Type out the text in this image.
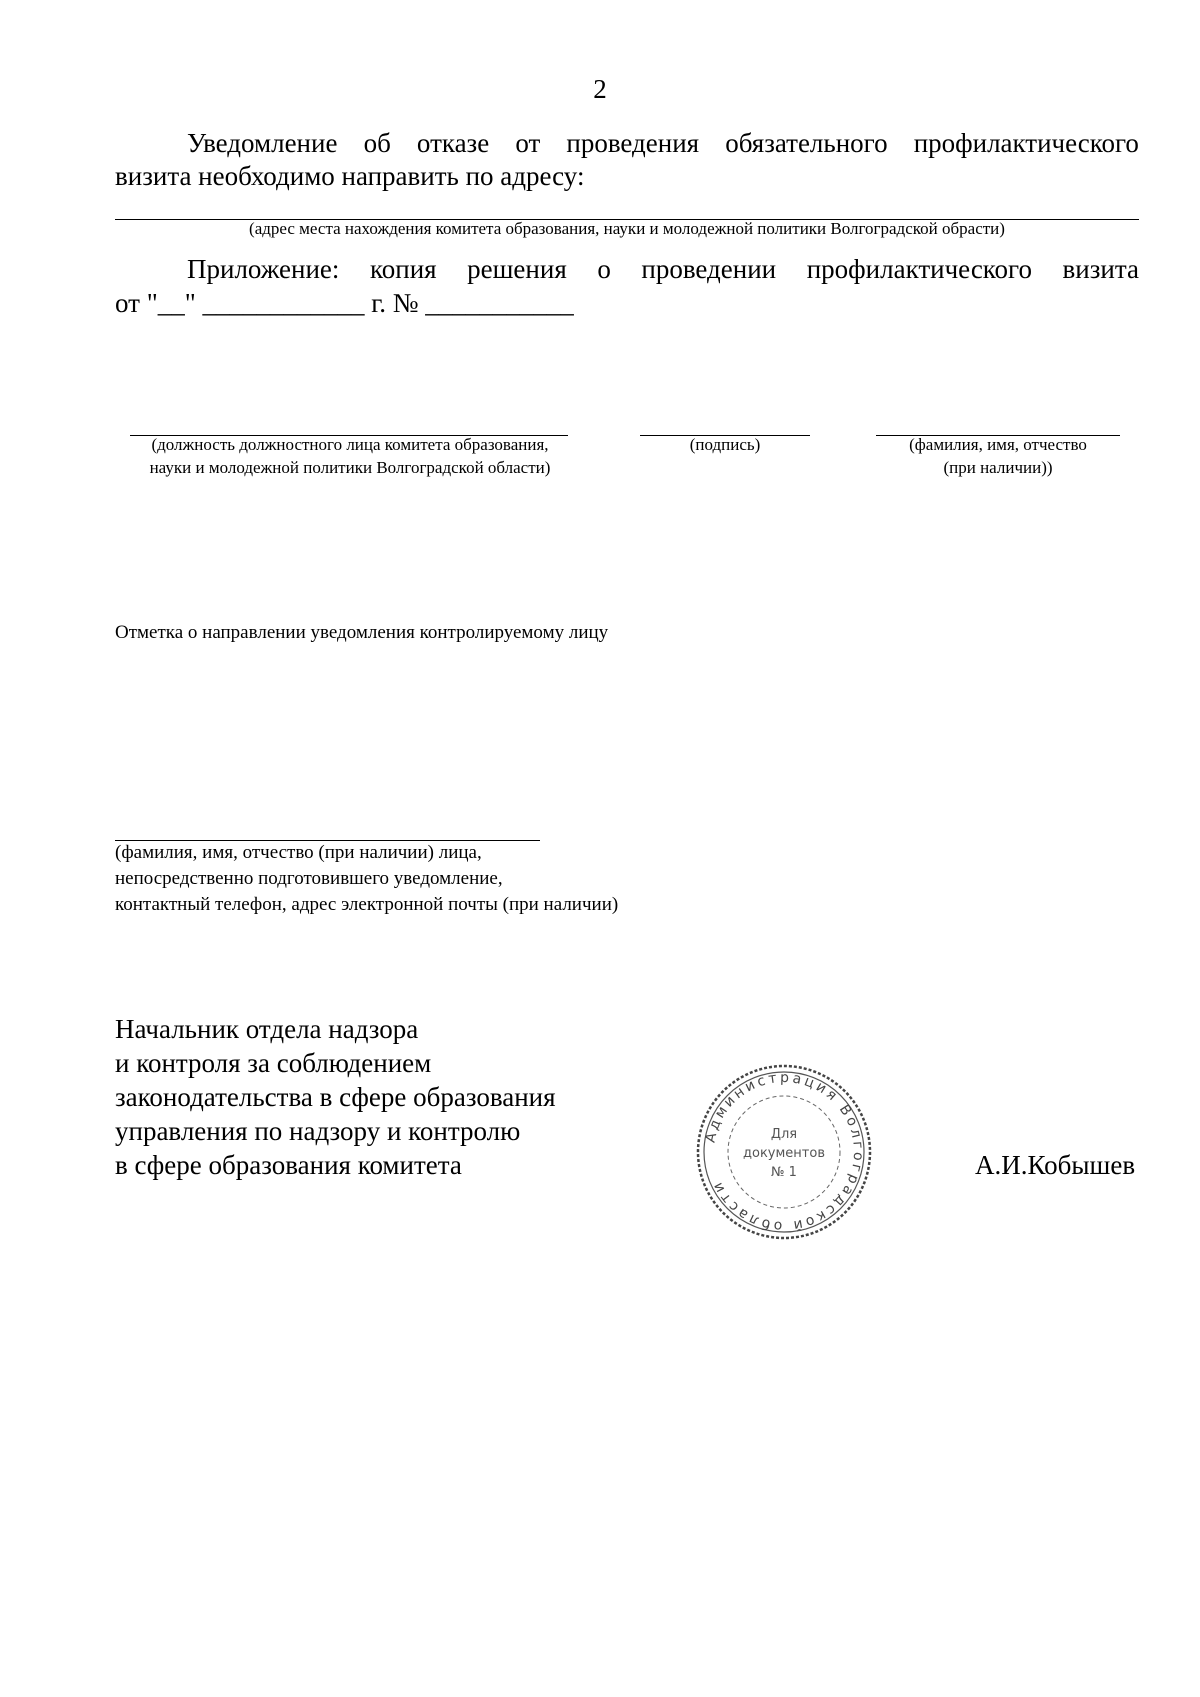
2
Уведомление об отказе от проведения обязательного профилактического
визита необходимо направить по адресу:
(адрес места нахождения комитета образования, науки и молодежной политики Волгоградской обрасти)
Приложение: копия решения о проведении профилактического визита
от "__" ____________ г. № ___________
(должность должностного лица комитета образования,
науки и молодежной политики Волгоградской области)
(подпись)	(фамилия, имя, отчество
(при наличии))
Отметка о направлении уведомления контролируемому лицу
(фамилия, имя, отчество (при наличии) лица,
непосредственно подготовившего уведомление,
контактный телефон, адрес электронной почты (при наличии)
Начальник отдела надзора
и контроля за соблюдением
законодательства в сфере образования
управления по надзору и контролю
в сфере образования комитета	А.И.Кобышев
Администрация Волгоградской области
Для
документов
№ 1
